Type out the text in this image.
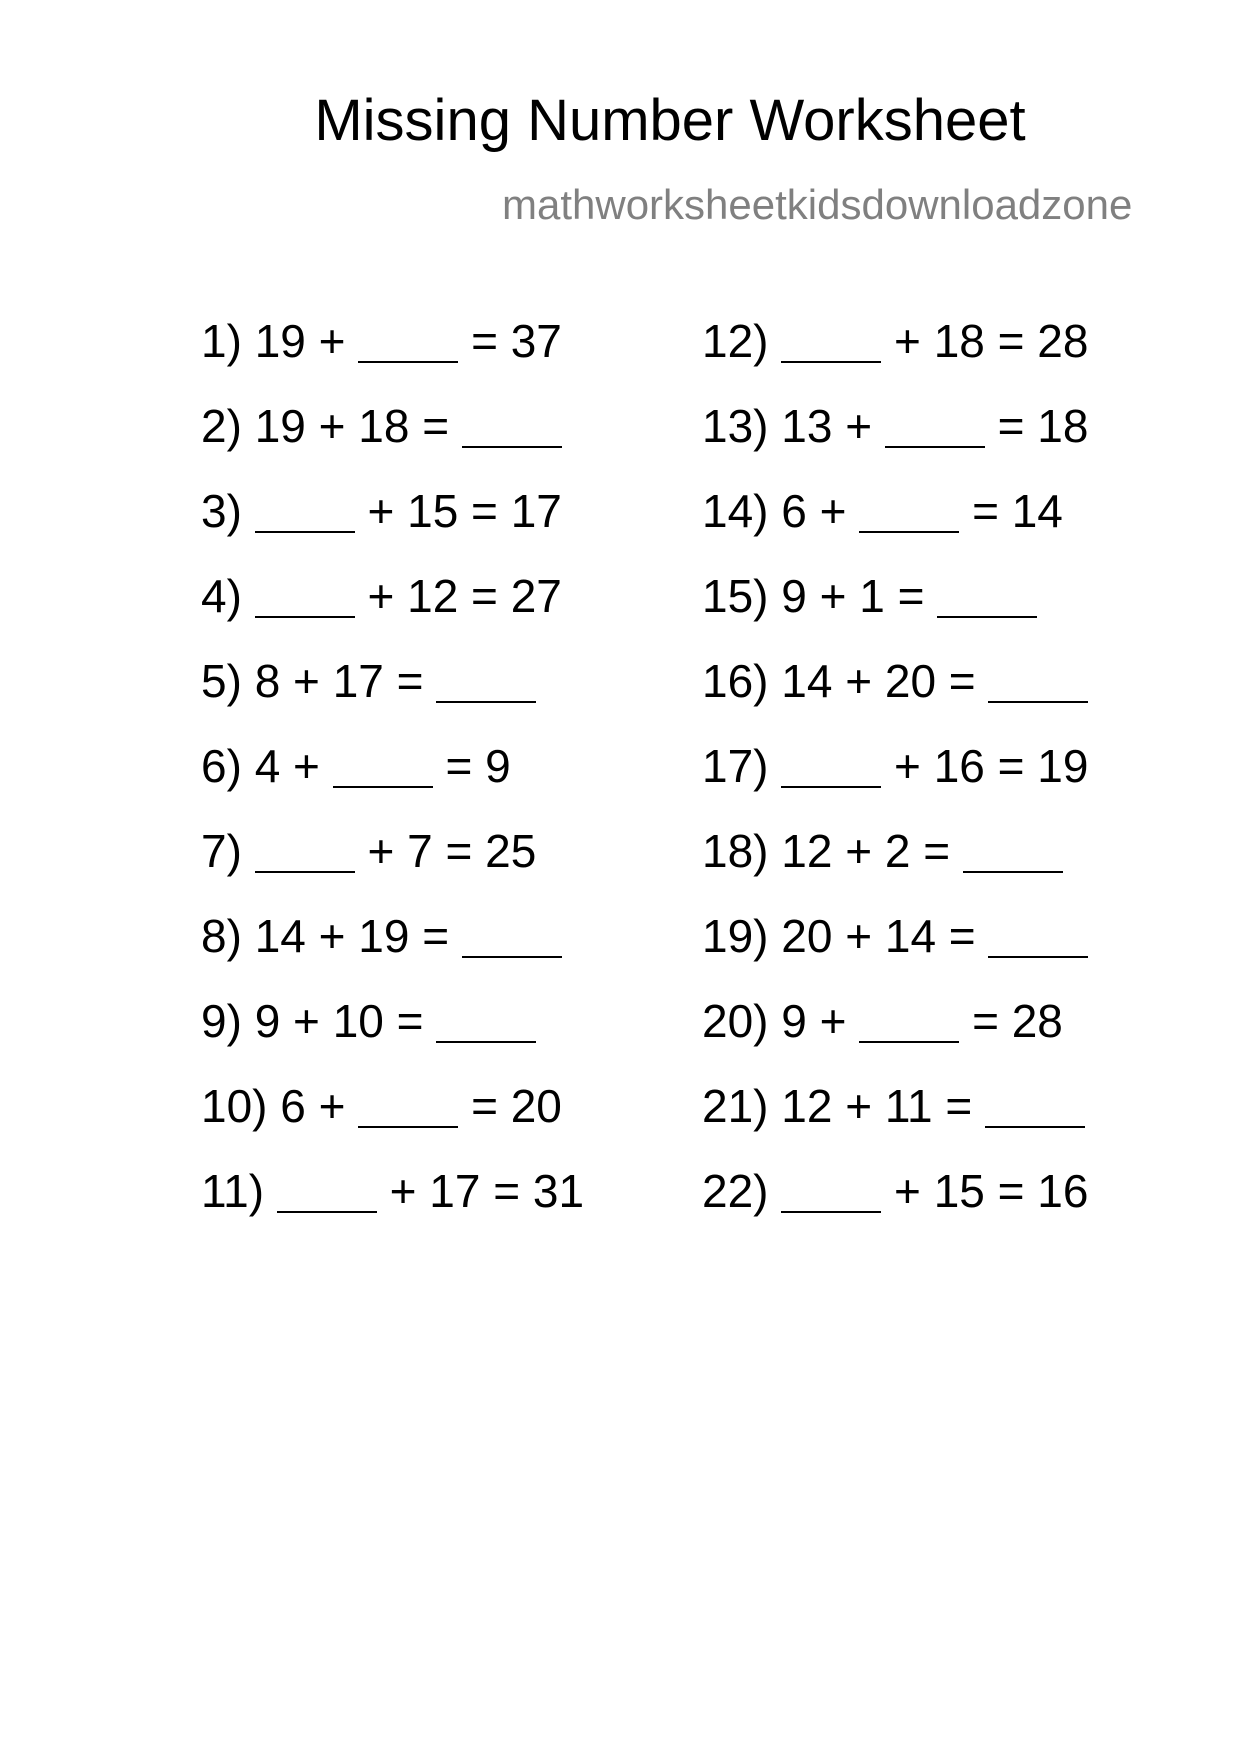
Missing Number Worksheet
mathworksheetkidsdownloadzone
1) 19 +	= 37
2) 19 + 18 =
3)	+ 15 = 17
4)	+ 12 = 27
5) 8 + 17 =
6) 4 +	= 9
7)	+ 7 = 25
8) 14 + 19 =
9) 9 + 10 =
10) 6 +	= 20
11)	+ 17 = 31
12)	+ 18 = 28
13) 13 +	= 18
14) 6 +	= 14
15) 9 + 1 =
16) 14 + 20 =
17)	+ 16 = 19
18) 12 + 2 =
19) 20 + 14 =
20) 9 +	= 28
21) 12 + 11 =
22)	+ 15 = 16
